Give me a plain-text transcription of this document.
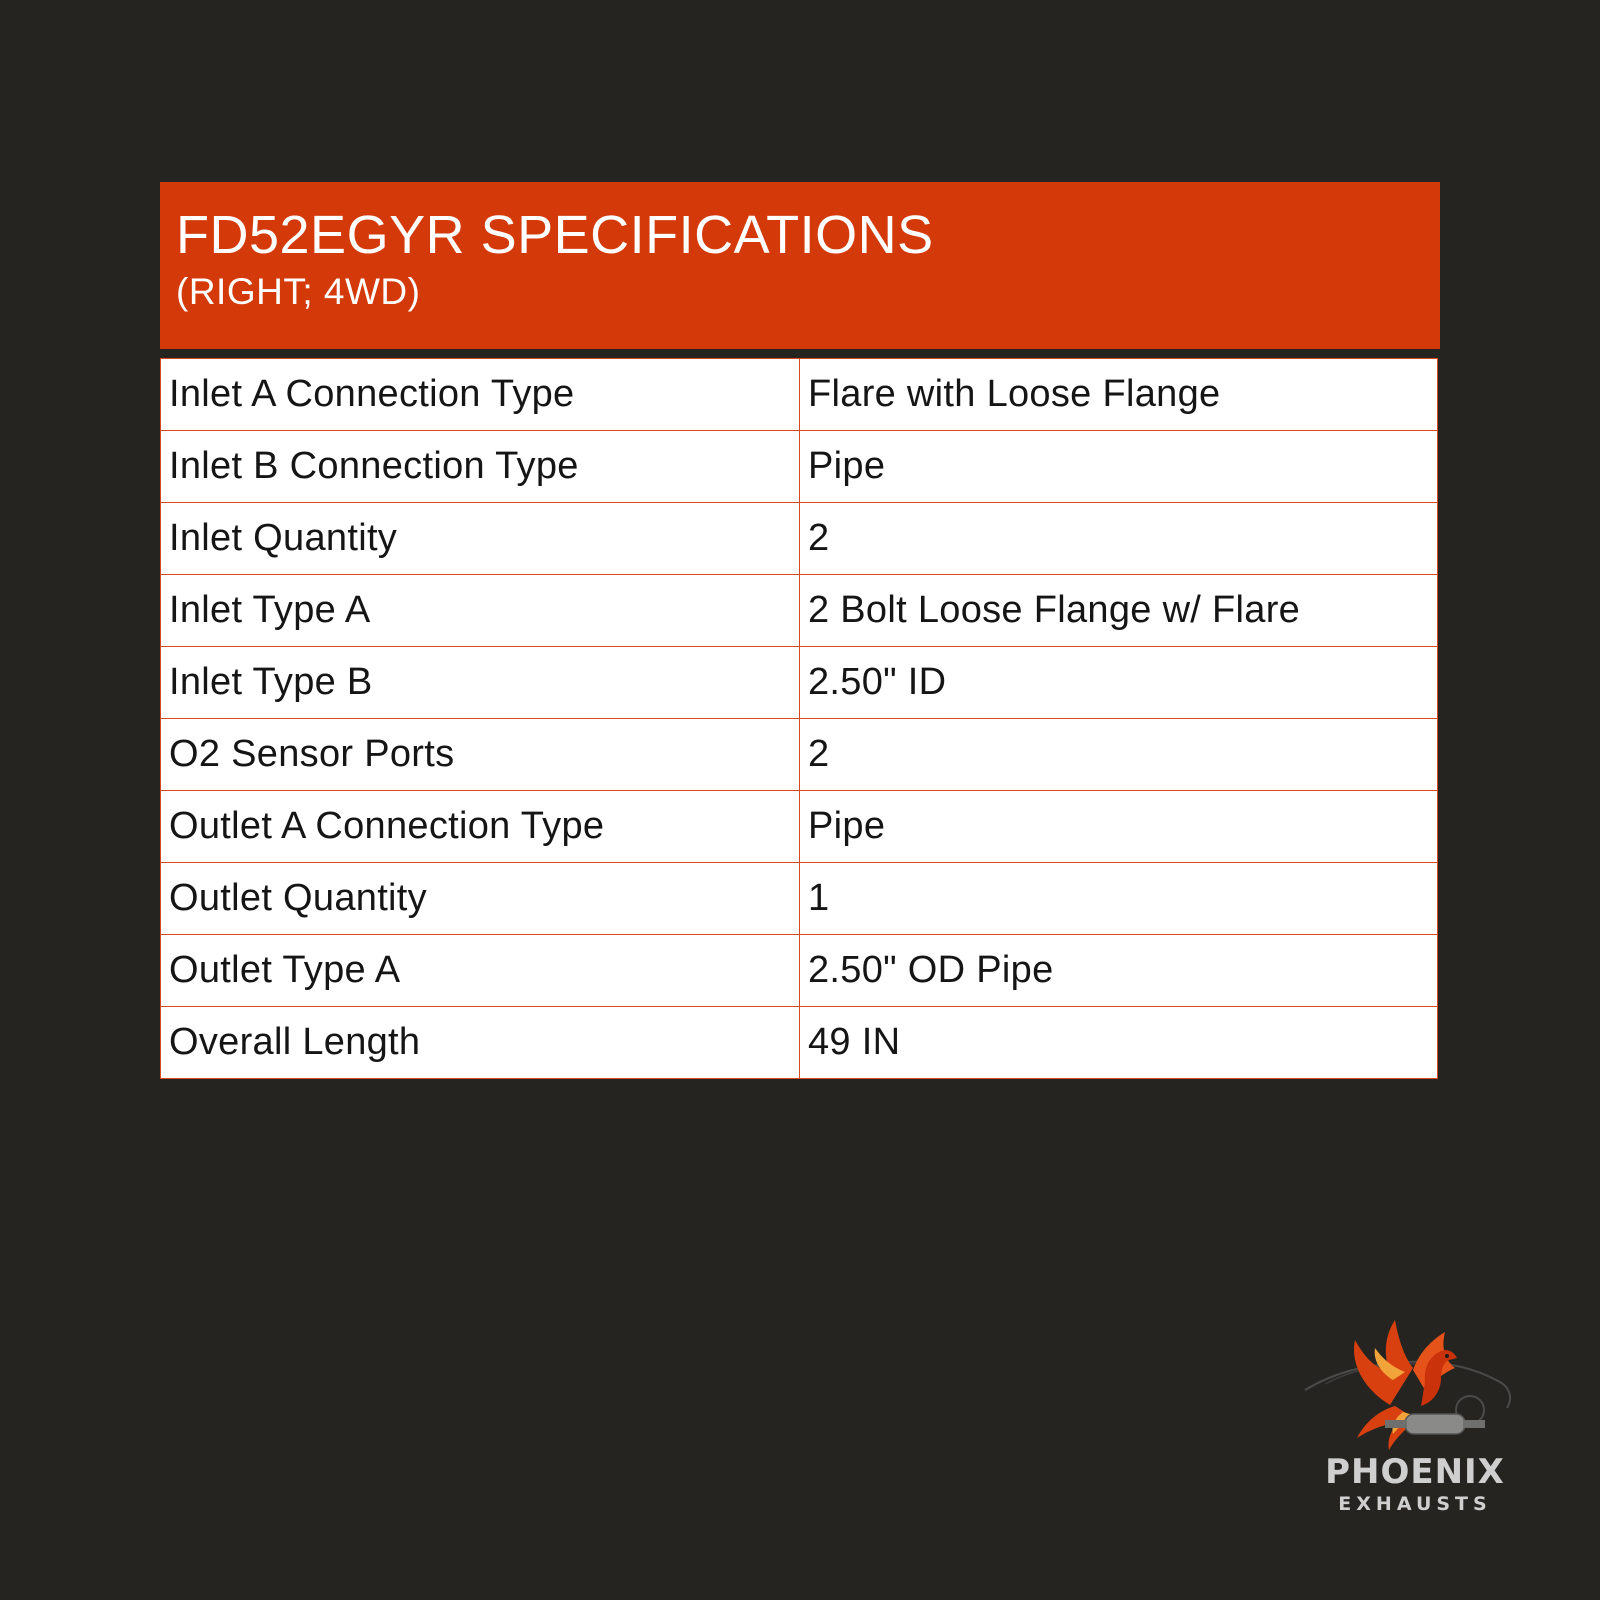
FD52EGYR SPECIFICATIONS
(RIGHT; 4WD)
Inlet A Connection Type	Flare with Loose Flange
Inlet B Connection Type	Pipe
Inlet Quantity	2
Inlet Type A	2 Bolt Loose Flange w/ Flare
Inlet Type B	2.50" ID
O2 Sensor Ports	2
Outlet A Connection Type	Pipe
Outlet Quantity	1
Outlet Type A	2.50" OD Pipe
Overall Length	49 IN
PHOENIX
EXHAUSTS
